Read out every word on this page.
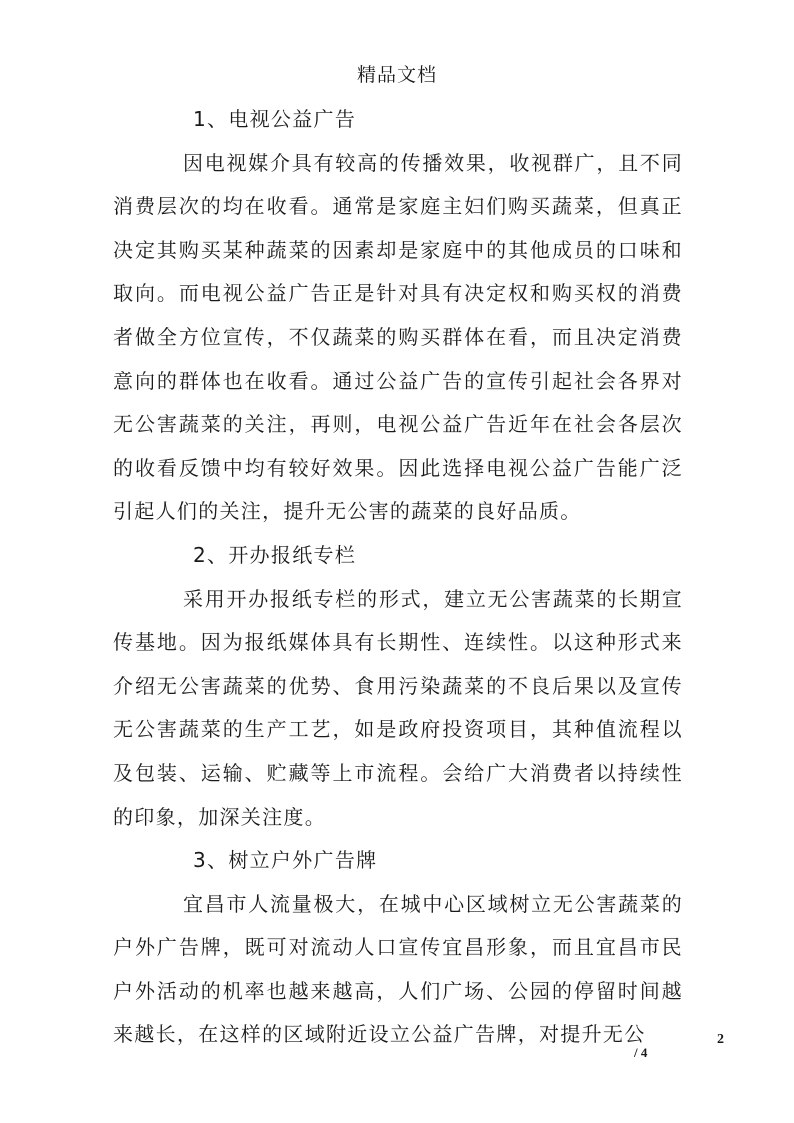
精品文档

1、电视公益广告

因电视媒介具有较高的传播效果，收视群广，且不同消费层次的均在收看。通常是家庭主妇们购买蔬菜，但真正决定其购买某种蔬菜的因素却是家庭中的其他成员的口味和取向。而电视公益广告正是针对具有决定权和购买权的消费者做全方位宣传，不仅蔬菜的购买群体在看，而且决定消费意向的群体也在收看。通过公益广告的宣传引起社会各界对无公害蔬菜的关注，再则，电视公益广告近年在社会各层次的收看反馈中均有较好效果。因此选择电视公益广告能广泛引起人们的关注，提升无公害的蔬菜的良好品质。

2、开办报纸专栏

采用开办报纸专栏的形式，建立无公害蔬菜的长期宣传基地。因为报纸媒体具有长期性、连续性。以这种形式来介绍无公害蔬菜的优势、食用污染蔬菜的不良后果以及宣传无公害蔬菜的生产工艺，如是政府投资项目，其种值流程以及包装、运输、贮藏等上市流程。会给广大消费者以持续性的印象，加深关注度。

3、树立户外广告牌

宜昌市人流量极大，在城中心区域树立无公害蔬菜的户外广告牌，既可对流动人口宣传宜昌形象，而且宜昌市民户外活动的机率也越来越高，人们广场、公园的停留时间越来越长，在这样的区域附近设立公益广告牌，对提升无公	2
/ 4
